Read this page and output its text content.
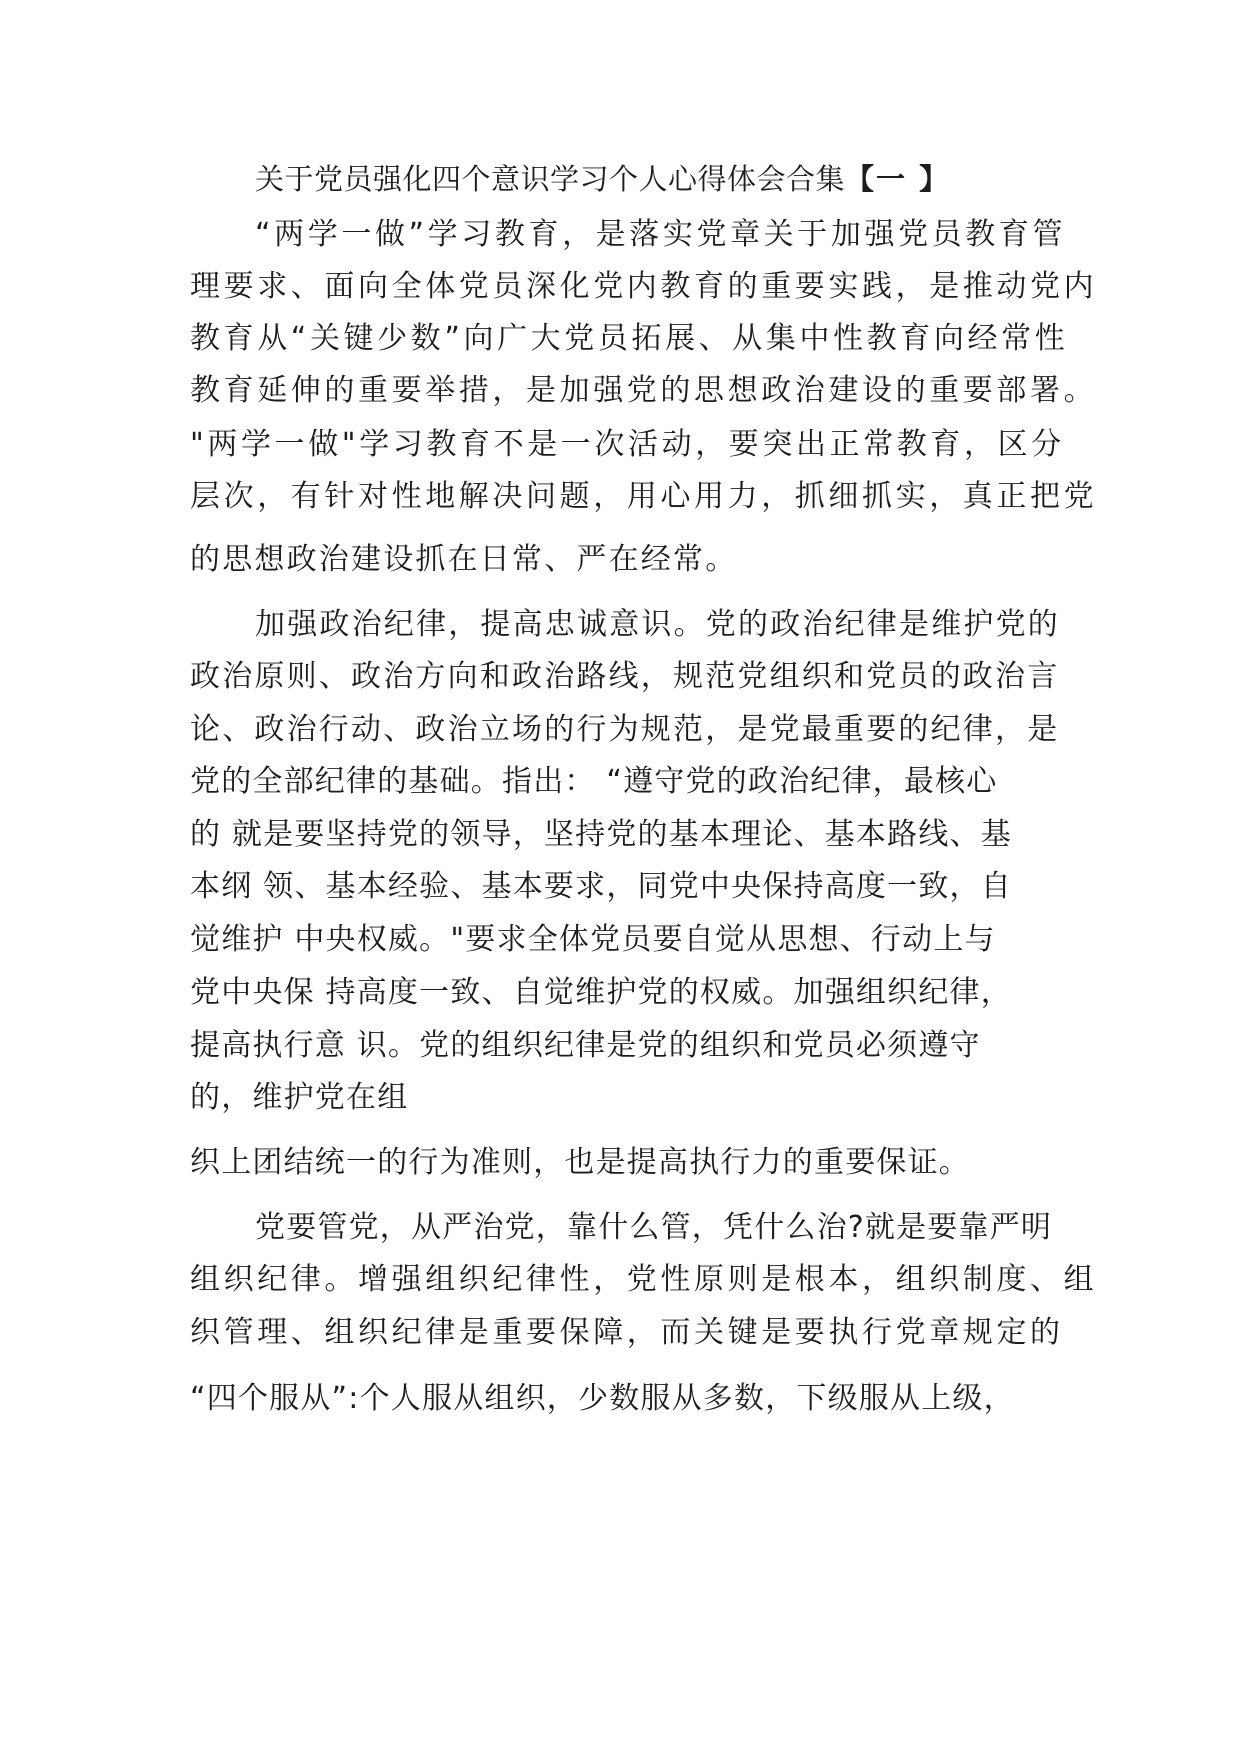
关于党员强化四个意识学习个人心得体会合集【一 】
“两学一做”学习教育，是落实党章关于加强党员教育管
理要求、面向全体党员深化党内教育的重要实践，是推动党内
教育从“关键少数”向广大党员拓展、从集中性教育向经常性
教育延伸的重要举措，是加强党的思想政治建设的重要部署。
"两学一做"学习教育不是一次活动，要突出正常教育，区分
层次，有针对性地解决问题，用心用力，抓细抓实，真正把党
的思想政治建设抓在日常、严在经常。
加强政治纪律，提高忠诚意识。党的政治纪律是维护党的
政治原则、政治方向和政治路线，规范党组织和党员的政治言
论、政治行动、政治立场的行为规范，是党最重要的纪律，是
党的全部纪律的基础。指出： “遵守党的政治纪律，最核心
的 就是要坚持党的领导，坚持党的基本理论、基本路线、基
本纲 领、基本经验、基本要求，同党中央保持高度一致，自
觉维护 中央权威。"要求全体党员要自觉从思想、行动上与
党中央保 持高度一致、自觉维护党的权威。加强组织纪律，
提高执行意 识。党的组织纪律是党的组织和党员必须遵守
的，维护党在组
织上团结统一的行为准则，也是提高执行力的重要保证。
党要管党，从严治党，靠什么管，凭什么治?就是要靠严明
组织纪律。增强组织纪律性，党性原则是根本，组织制度、组
织管理、组织纪律是重要保障，而关键是要执行党章规定的
“四个服从”:个人服从组织，少数服从多数，下级服从上级，
